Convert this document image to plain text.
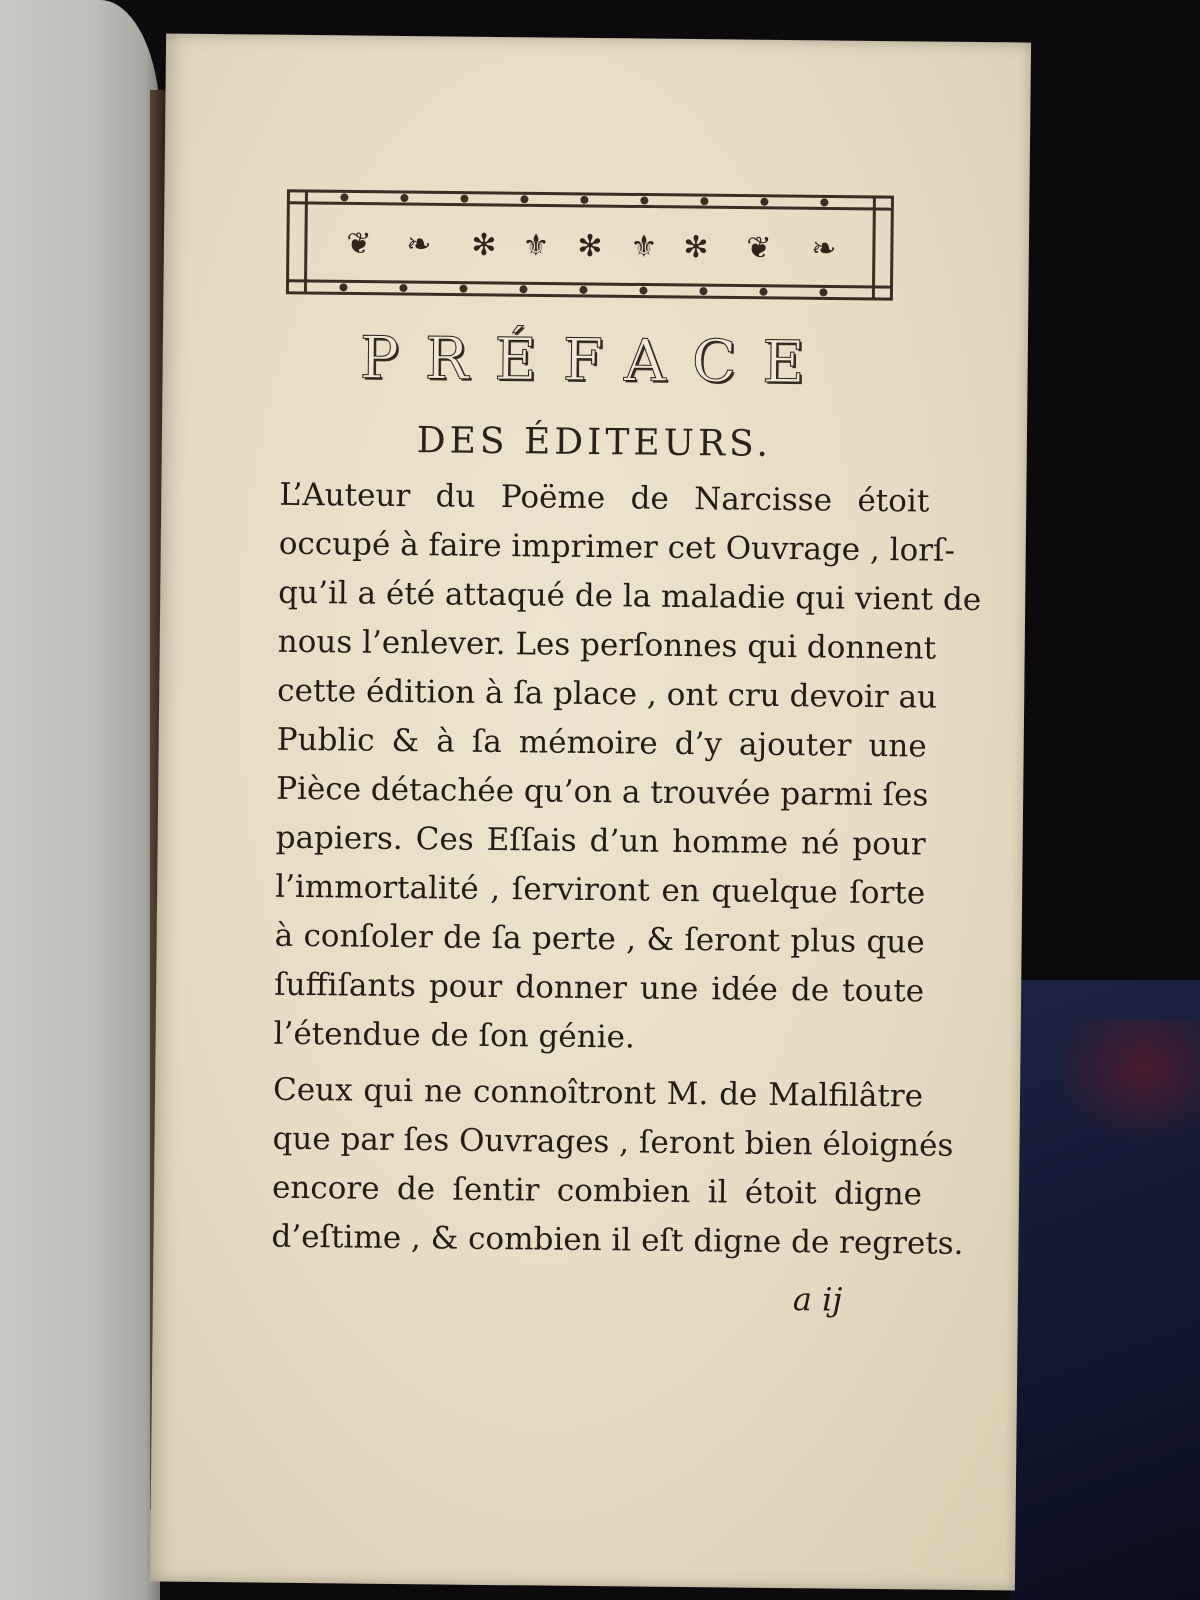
❦ ❧ ✻ ⚜ ✻ ⚜ ✻ ❦ ❧
PRÉFACE
DES ÉDITEURS.
L’Auteur du Poëme de Narcisse étoit
occupé à faire imprimer cet Ouvrage , lorſ-
qu’il a été attaqué de la maladie qui vient de
nous l’enlever. Les perſonnes qui donnent
cette édition à ſa place , ont cru devoir au
Public & à ſa mémoire d’y ajouter une
Pièce détachée qu’on a trouvée parmi ſes
papiers. Ces Eſſais d’un homme né pour
l’immortalité , ſerviront en quelque ſorte
à conſoler de ſa perte , & ſeront plus que
ſuffiſants pour donner une idée de toute
l’étendue de ſon génie.
Ceux qui ne connoîtront M. de Malfilâtre
que par ſes Ouvrages , ſeront bien éloignés
encore de ſentir combien il étoit digne
d’eſtime , & combien il eſt digne de regrets.
a ij
